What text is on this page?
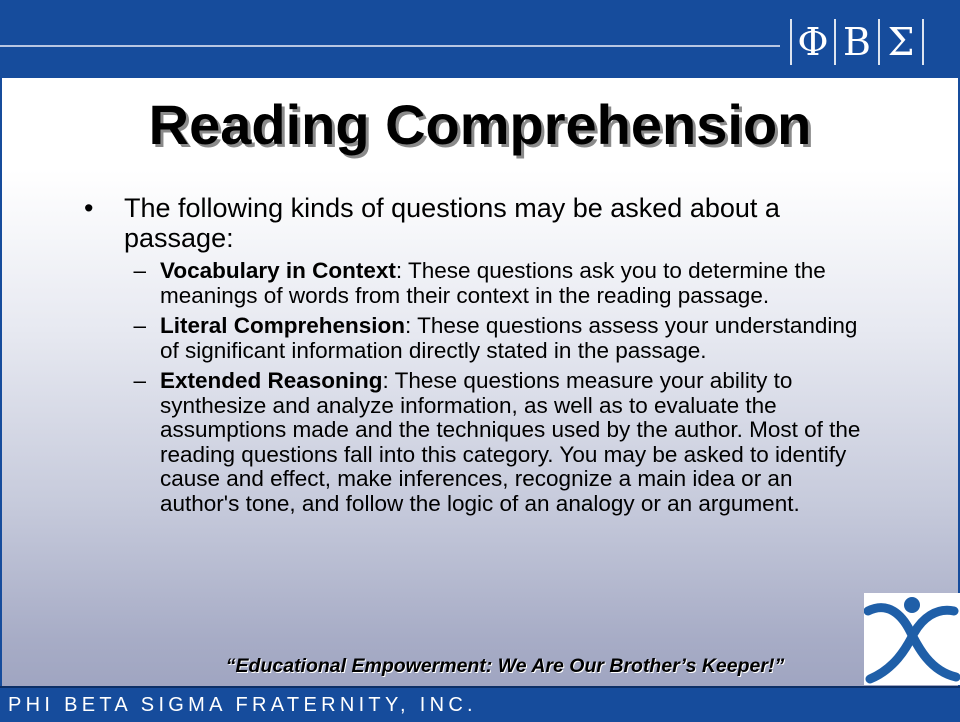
Φ Β Σ
Reading Comprehension
•	The following kinds of questions may be asked about a passage:
– Vocabulary in Context: These questions ask you to determine the meanings of words from their context in the reading passage.
– Literal Comprehension: These questions assess your understanding of significant information directly stated in the passage.
– Extended Reasoning: These questions measure your ability to synthesize and analyze information, as well as to evaluate the assumptions made and the techniques used by the author. Most of the reading questions fall into this category. You may be asked to identify cause and effect, make inferences, recognize a main idea or an author's tone, and follow the logic of an analogy or an argument.
“Educational Empowerment: We Are Our Brother’s Keeper!”
PHI BETA SIGMA FRATERNITY, INC.
